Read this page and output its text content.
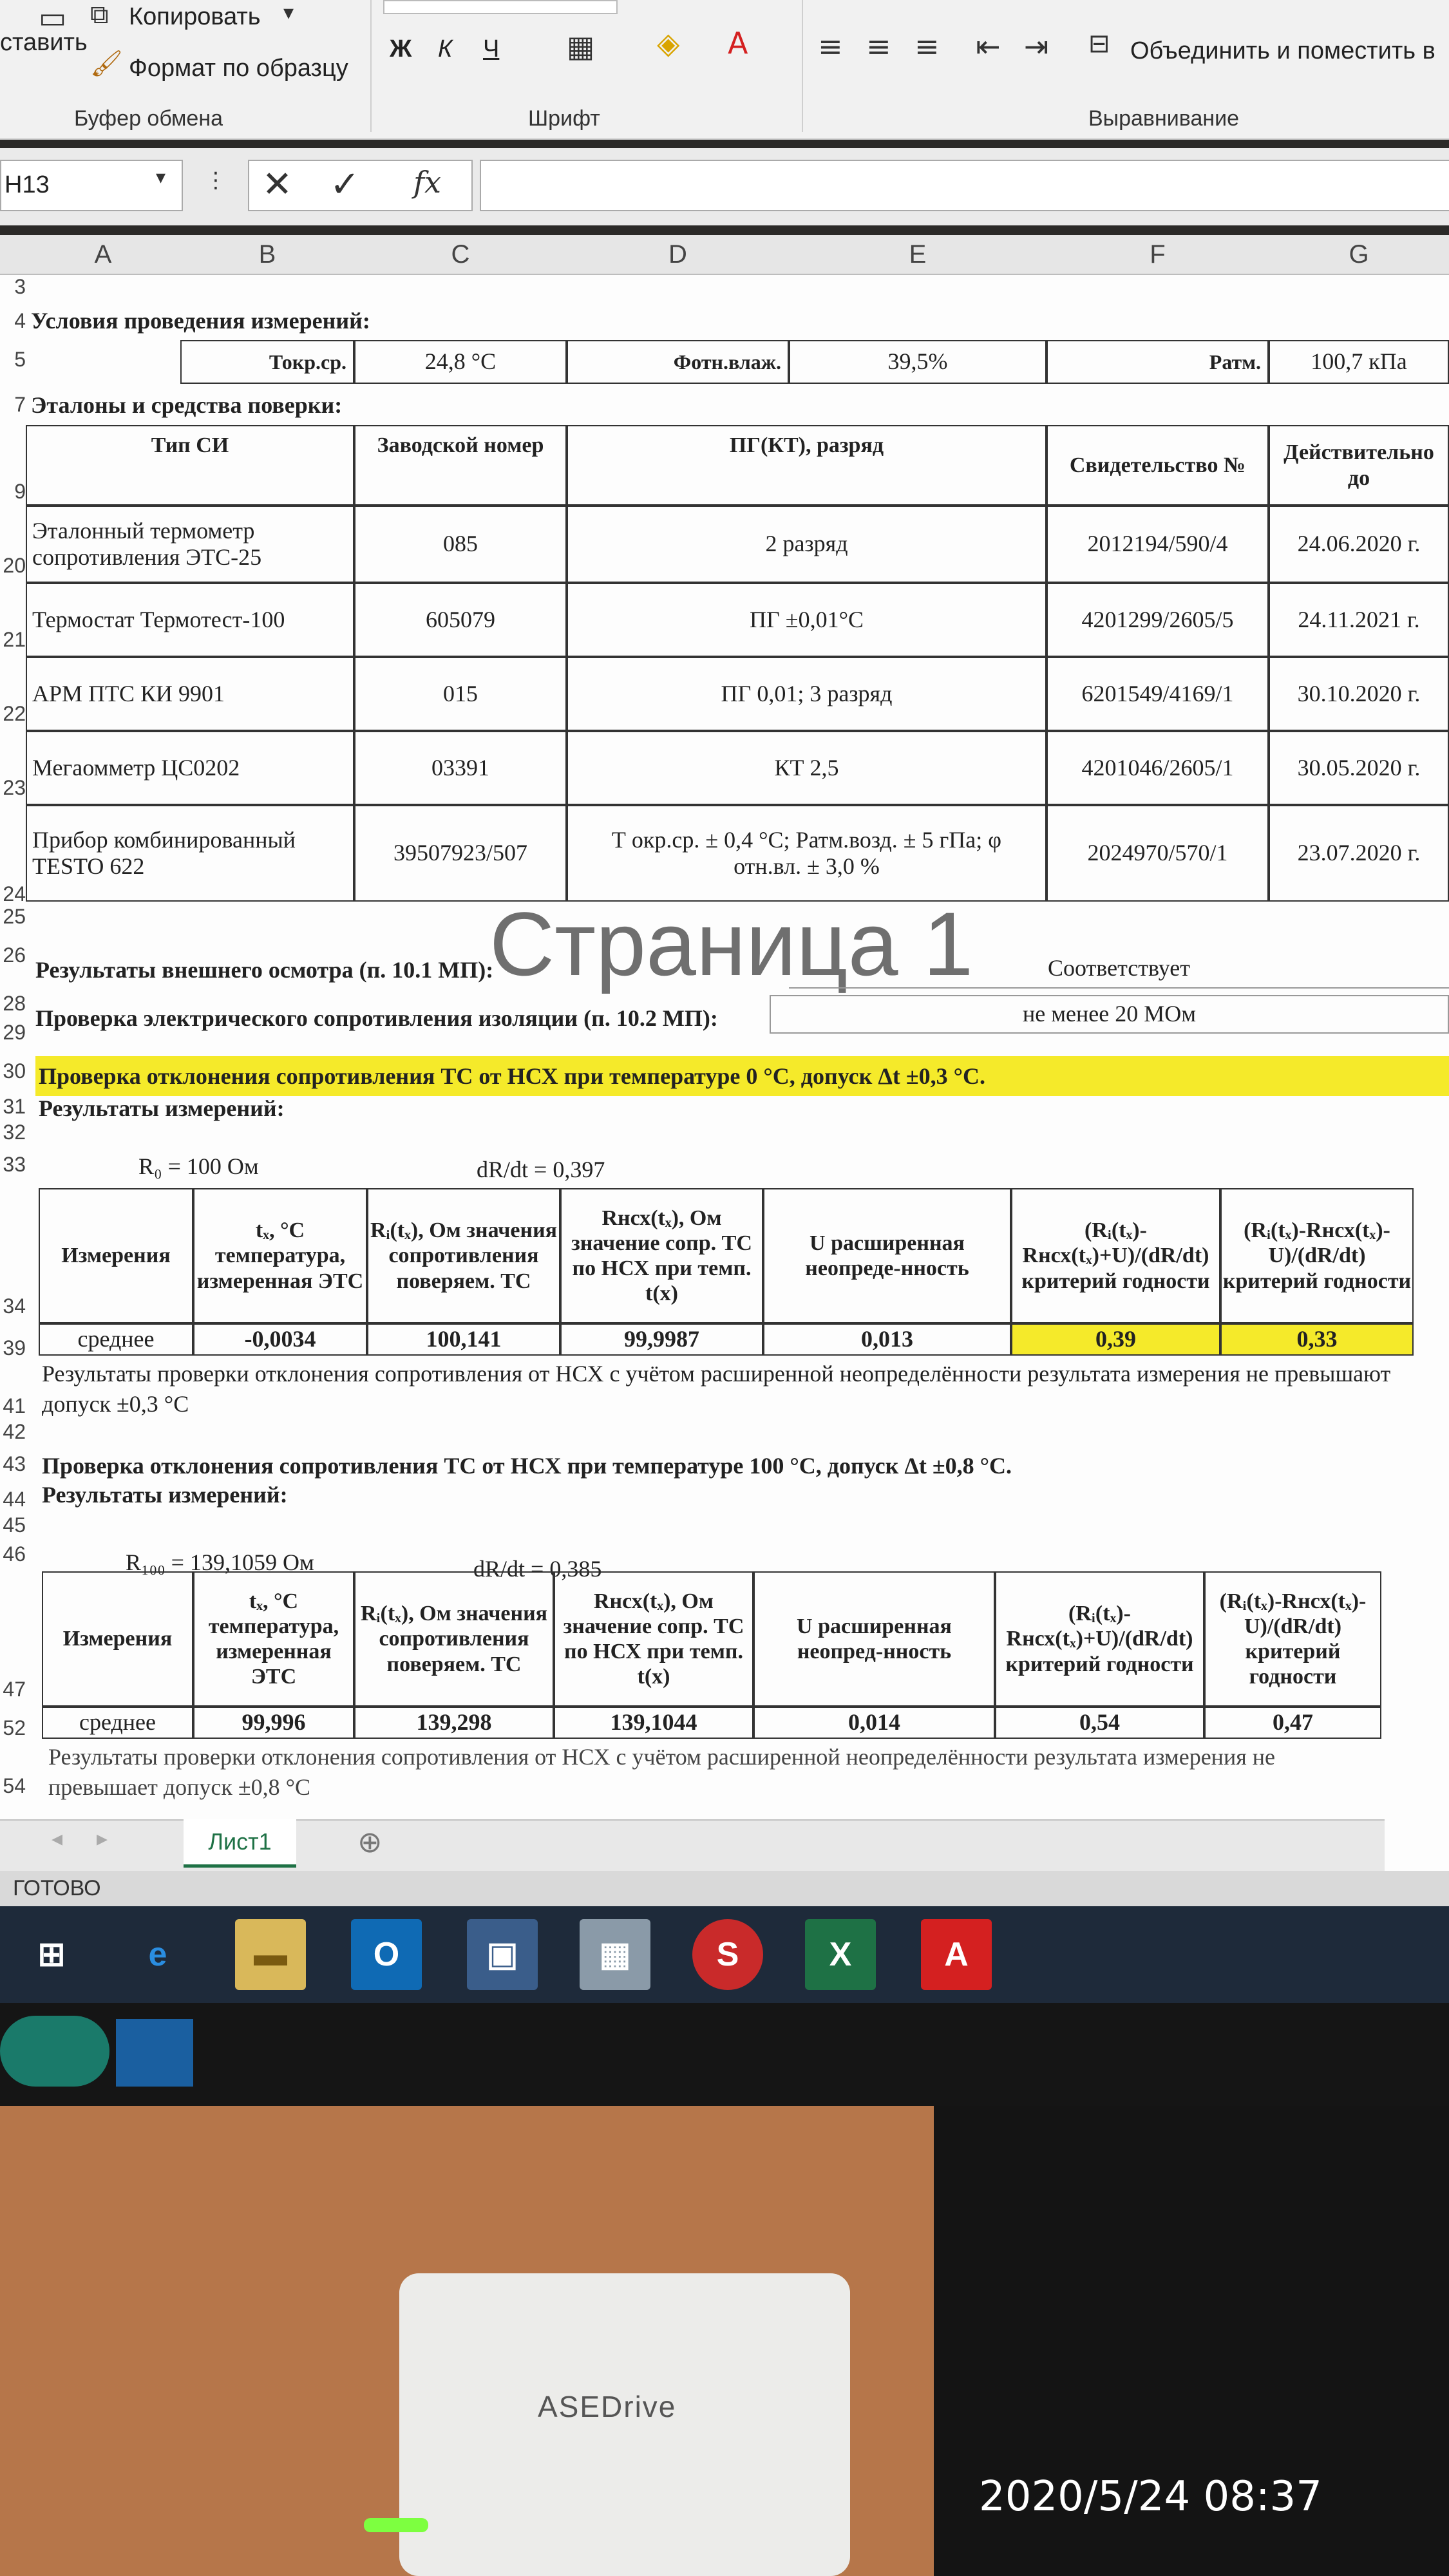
▭
ставить
⧉ Копировать ▾
🖌 Формат по образцу
Буфер обмена
Ж К Ч ▦ ◈ A
Шрифт
≡ ≡ ≡ ⇤ ⇥ ⊟ Объединить и поместить в
Выравнивание
H13	▾ ⋮ ✕ ✓ fx
A	B	C	D	E	F	G
3
4
5
7
9
20
21
22
23
24
25
26
28
29
30
31
32
33
34
39
41
42
43
44
45
46
47
52
54
Условия проведения измерений:
Токр.ср.	24,8 °С	Фотн.влаж.	39,5%	Ратм.	100,7 кПа
Эталоны и средства поверки:
Тип СИ	Заводской номер	ПГ(КТ), разряд
Свидетельство №
Действительно до
Эталонный термометр сопротивления ЭТС-25
085	2 разряд	2012194/590/4	24.06.2020 г.
Термостат Термотест-100	605079	ПГ ±0,01°С	4201299/2605/5	24.11.2021 г.
АРМ ПТС КИ 9901	015	ПГ 0,01; 3 разряд	6201549/4169/1	30.10.2020 г.
Мегаомметр ЦС0202	03391	КТ 2,5	4201046/2605/1	30.05.2020 г.
Прибор комбинированный TESTO 622
39507923/507
Т окр.ср. ± 0,4 °С; Ратм.возд. ± 5 гПа; φ отн.вл. ± 3,0 %
2024970/570/1	23.07.2020 г.
Страница 1
Результаты внешнего осмотра (п. 10.1 МП):	Соответствует
Проверка электрического сопротивления изоляции (п. 10.2 МП):	не менее 20 МОм
Проверка отклонения сопротивления ТС от НСХ при температуре 0 °С, допуск Δt ±0,3 °С.
Результаты измерений:
R₀ = 100 Ом	dR/dt = 0,397
Измерения
tₓ, °С температура, измеренная ЭТС
Rᵢ(tₓ), Ом значения сопротивления поверяем. ТС
Rнсх(tₓ), Ом значение сопр. ТС по НСХ при темп. t(x)
U расширенная неопреде-нность
(Rᵢ(tₓ)-Rнсх(tₓ)+U)/(dR/dt) критерий годности
(Rᵢ(tₓ)-Rнсх(tₓ)-U)/(dR/dt) критерий годности
среднее	-0,0034	100,141	99,9987	0,013	0,39	0,33
Результаты проверки отклонения сопротивления от НСХ с учётом расширенной неопределённости результата измерения не превышают допуск ±0,3 °С
Проверка отклонения сопротивления ТС от НСХ при температуре 100 °С, допуск Δt ±0,8 °С.
Результаты измерений:
R₁₀₀ = 139,1059 Ом	dR/dt = 0,385
Измерения
tₓ, °С температура, измеренная ЭТС
Rᵢ(tₓ), Ом значения сопротивления поверяем. ТС
Rнсх(tₓ), Ом значение сопр. ТС по НСХ при темп. t(x)
U расширенная неопред-нность
(Rᵢ(tₓ)-Rнсх(tₓ)+U)/(dR/dt) критерий годности
(Rᵢ(tₓ)-Rнсх(tₓ)-U)/(dR/dt) критерий годности
среднее	99,996	139,298	139,1044	0,014	0,54	0,47
Результаты проверки отклонения сопротивления от НСХ с учётом расширенной неопределённости результата измерения не превышает допуск ±0,8 °С
◂ ▸	Лист1	⊕
ГОТОВО
⊞	e	▬	O	▣	▦	S	X	A
ASEDrive
2020/5/24 08:37
